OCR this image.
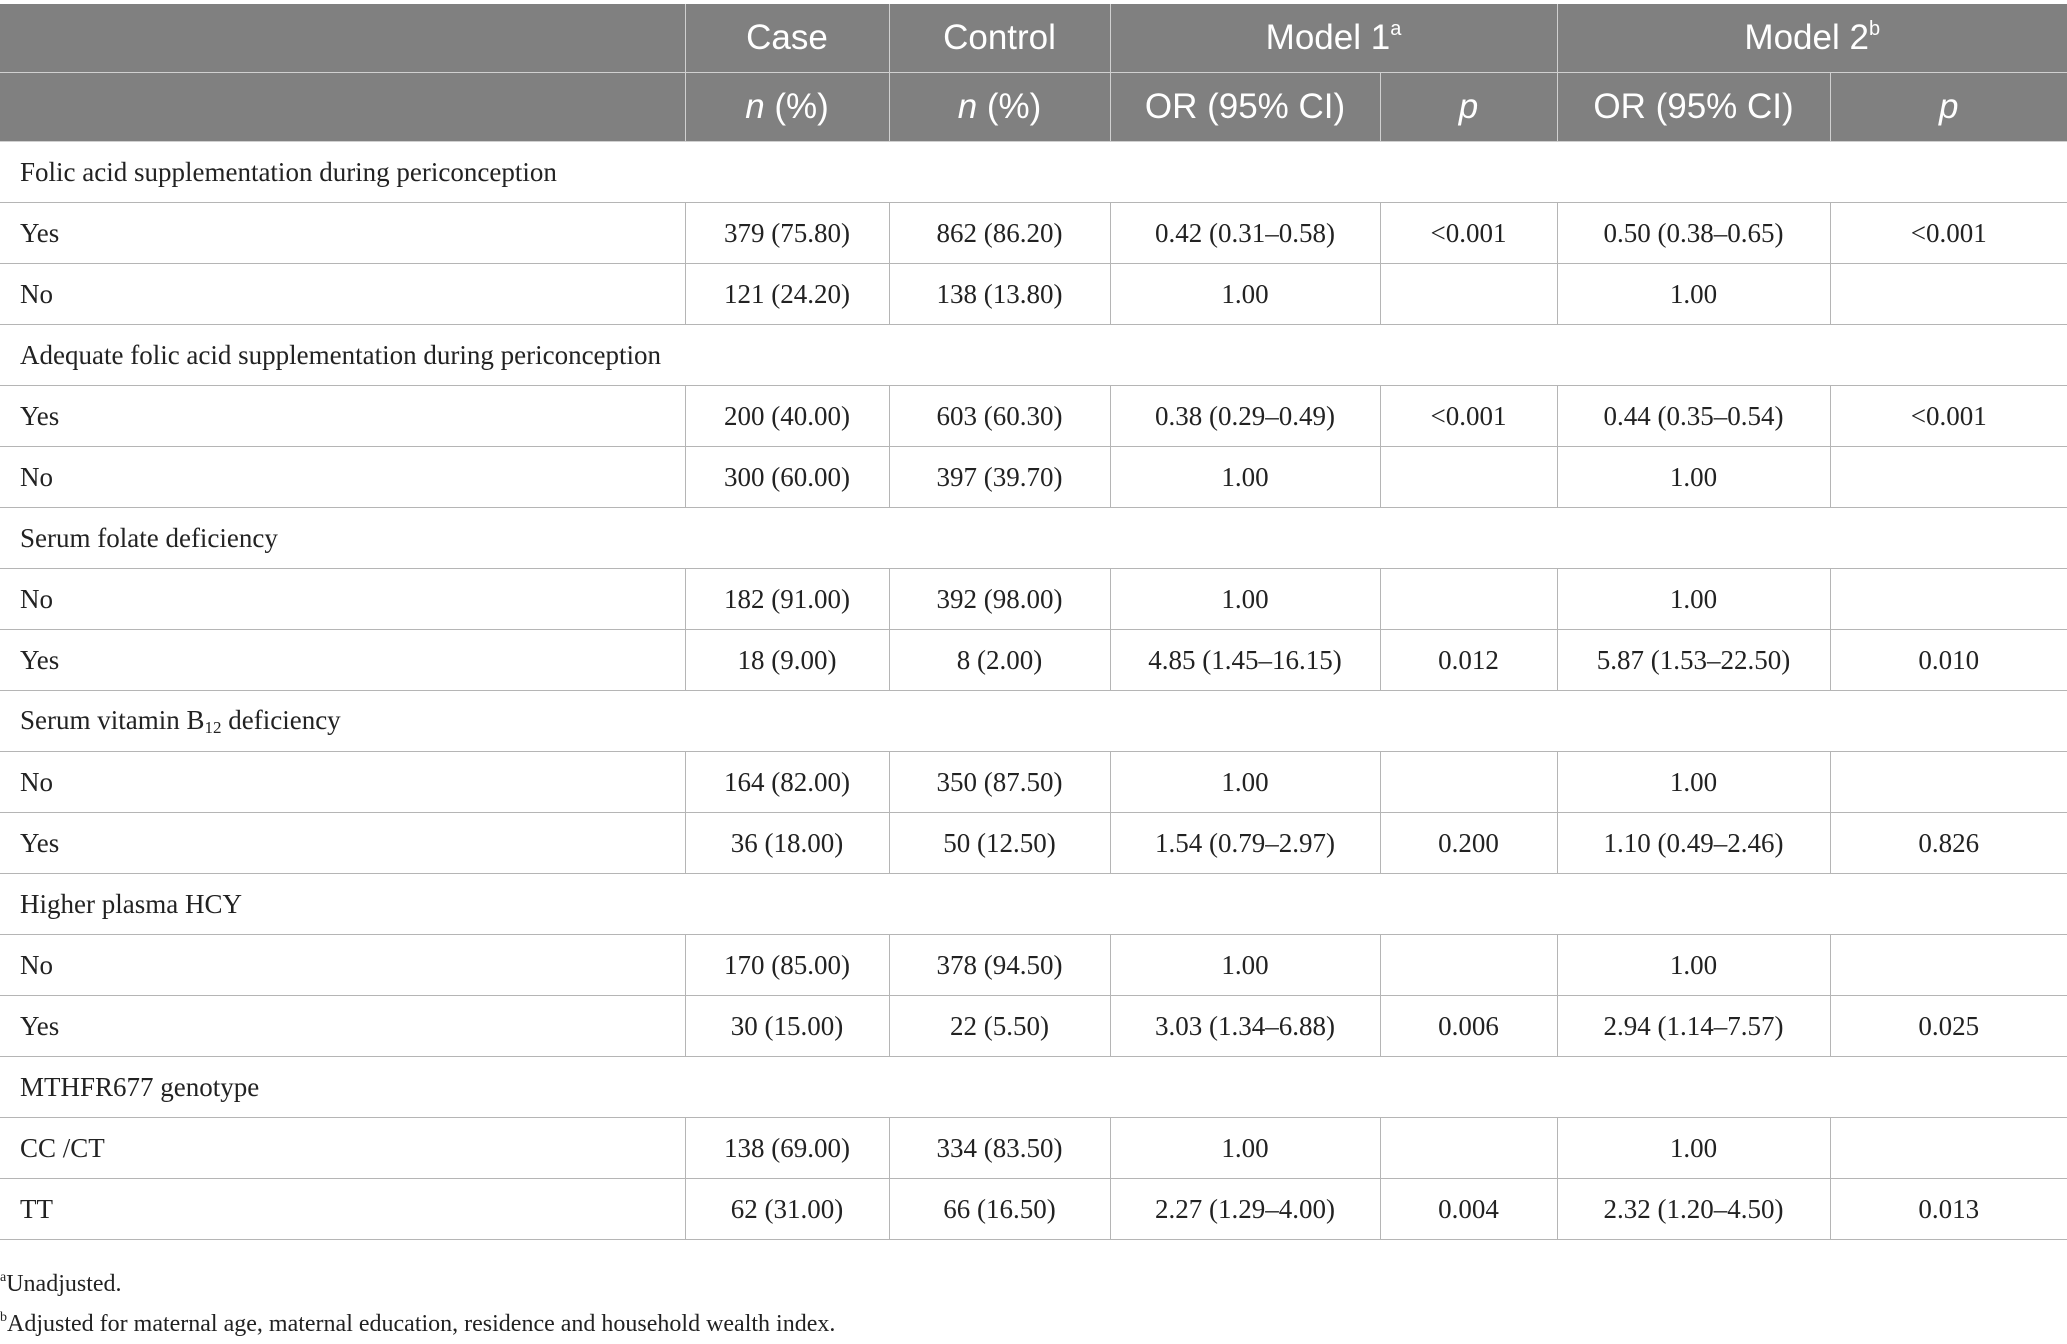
	Case	Control	Model 1$^a$		Model 2$^b$
	n (%)	n (%)	OR (95% CI)	p	OR (95% CI)	p
Folic acid supplementation during periconception						
Yes	379 (75.80)	862 (86.20)	0.42 (0.31–0.58)	<0.001	0.50 (0.38–0.65)	<0.001
No	121 (24.20)	138 (13.80)	1.00		1.00	
Adequate folic acid supplementation during periconception						
Yes	200 (40.00)	603 (60.30)	0.38 (0.29–0.49)	<0.001	0.44 (0.35–0.54)	<0.001
No	300 (60.00)	397 (39.70)	1.00		1.00	
Serum folate deficiency						
No	182 (91.00)	392 (98.00)	1.00		1.00	
Yes	18 (9.00)	8 (2.00)	4.85 (1.45–16.15)	0.012	5.87 (1.53–22.50)	0.010
Serum vitamin $B_{12}$ deficiency						
No	164 (82.00)	350 (87.50)	1.00		1.00	
Yes	36 (18.00)	50 (12.50)	1.54 (0.79–2.97)	0.200	1.10 (0.49–2.46)	0.826
Higher plasma HCY						
No	170 (85.00)	378 (94.50)	1.00		1.00	
Yes	30 (15.00)	22 (5.50)	3.03 (1.34–6.88)	0.006	2.94 (1.14–7.57)	0.025
MTHFR677 genotype						
CC /CT	138 (69.00)	334 (83.50)	1.00		1.00	
TT	62 (31.00)	66 (16.50)	2.27 (1.29–4.00)	0.004	2.32 (1.20–4.50)	0.013
$^a$Unadjusted.
$^b$Adjusted for maternal age, maternal education, residence and household wealth index.
